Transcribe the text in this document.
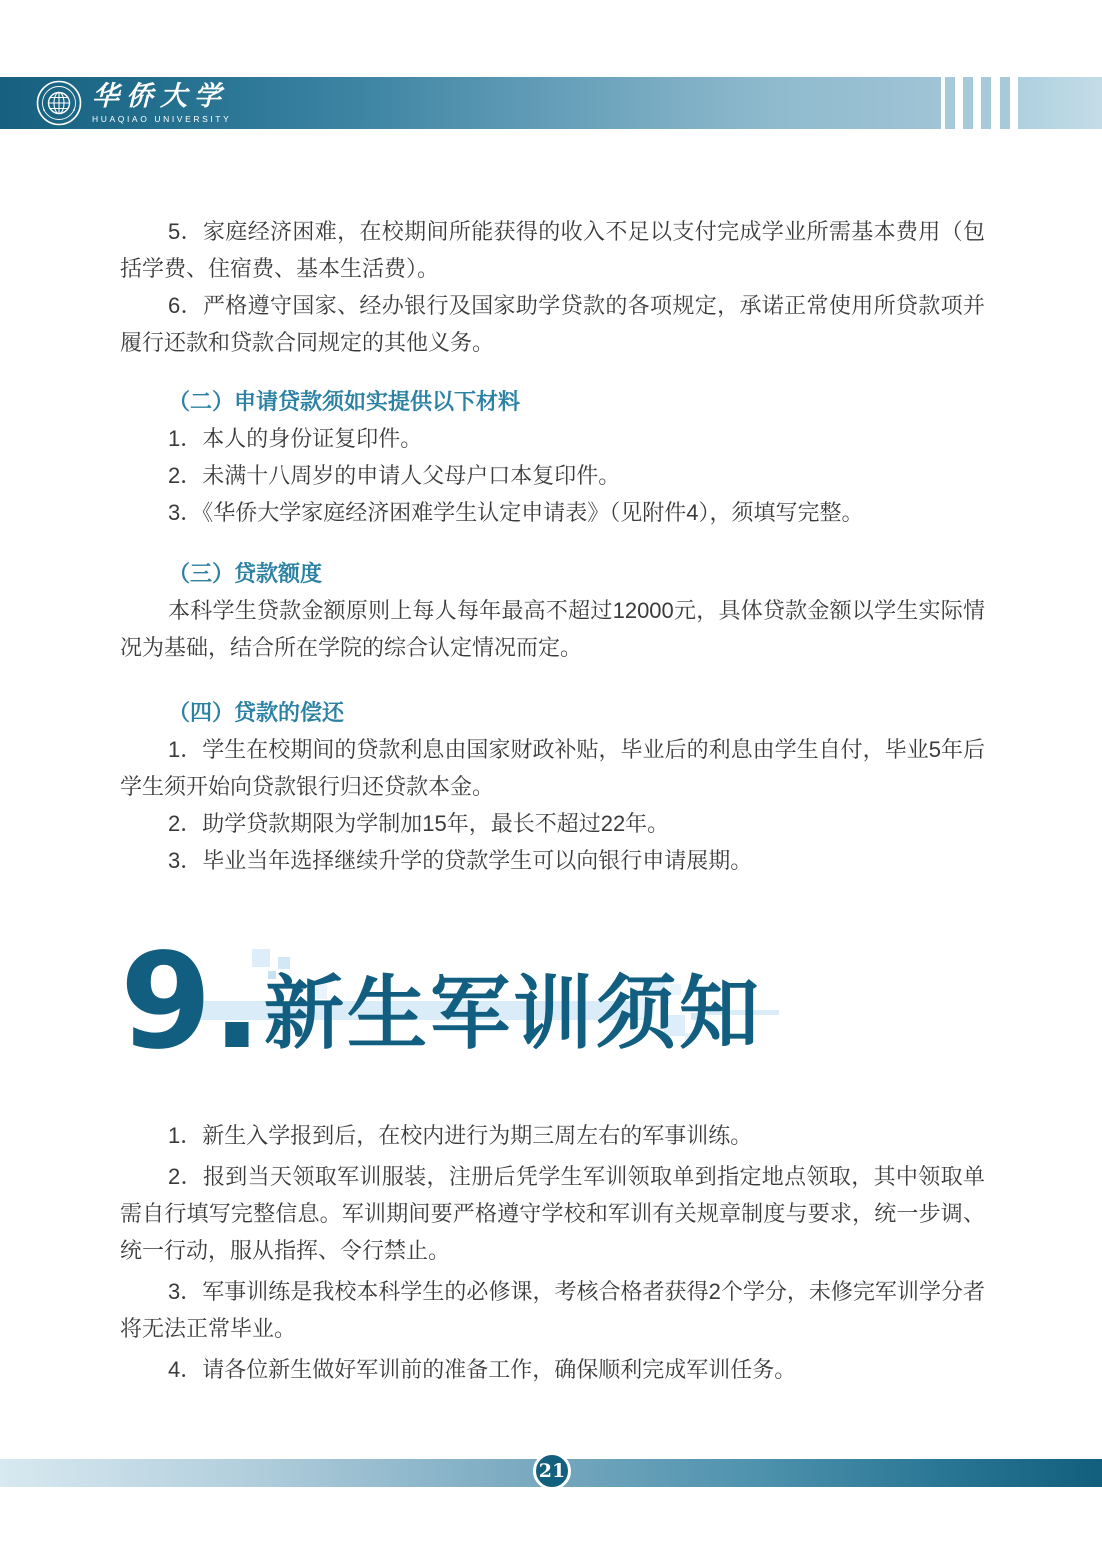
华侨大学
HUAQIAO UNIVERSITY

5．家庭经济困难，在校期间所能获得的收入不足以支付完成学业所需基本费用（包括学费、住宿费、基本生活费）。

6．严格遵守国家、经办银行及国家助学贷款的各项规定，承诺正常使用所贷款项并履行还款和贷款合同规定的其他义务。

（二）申请贷款须如实提供以下材料

1．本人的身份证复印件。

2．未满十八周岁的申请人父母户口本复印件。

3．《华侨大学家庭经济困难学生认定申请表》（见附件4），须填写完整。

（三）贷款额度

本科学生贷款金额原则上每人每年最高不超过12000元，具体贷款金额以学生实际情况为基础，结合所在学院的综合认定情况而定。

（四）贷款的偿还

1．学生在校期间的贷款利息由国家财政补贴，毕业后的利息由学生自付，毕业5年后学生须开始向贷款银行归还贷款本金。

2．助学贷款期限为学制加15年，最长不超过22年。

3．毕业当年选择继续升学的贷款学生可以向银行申请展期。

9. 新生军训须知

1．新生入学报到后，在校内进行为期三周左右的军事训练。

2．报到当天领取军训服装，注册后凭学生军训领取单到指定地点领取，其中领取单需自行填写完整信息。军训期间要严格遵守学校和军训有关规章制度与要求，统一步调、统一行动，服从指挥、令行禁止。

3．军事训练是我校本科学生的必修课，考核合格者获得2个学分，未修完军训学分者将无法正常毕业。

4．请各位新生做好军训前的准备工作，确保顺利完成军训任务。

21
